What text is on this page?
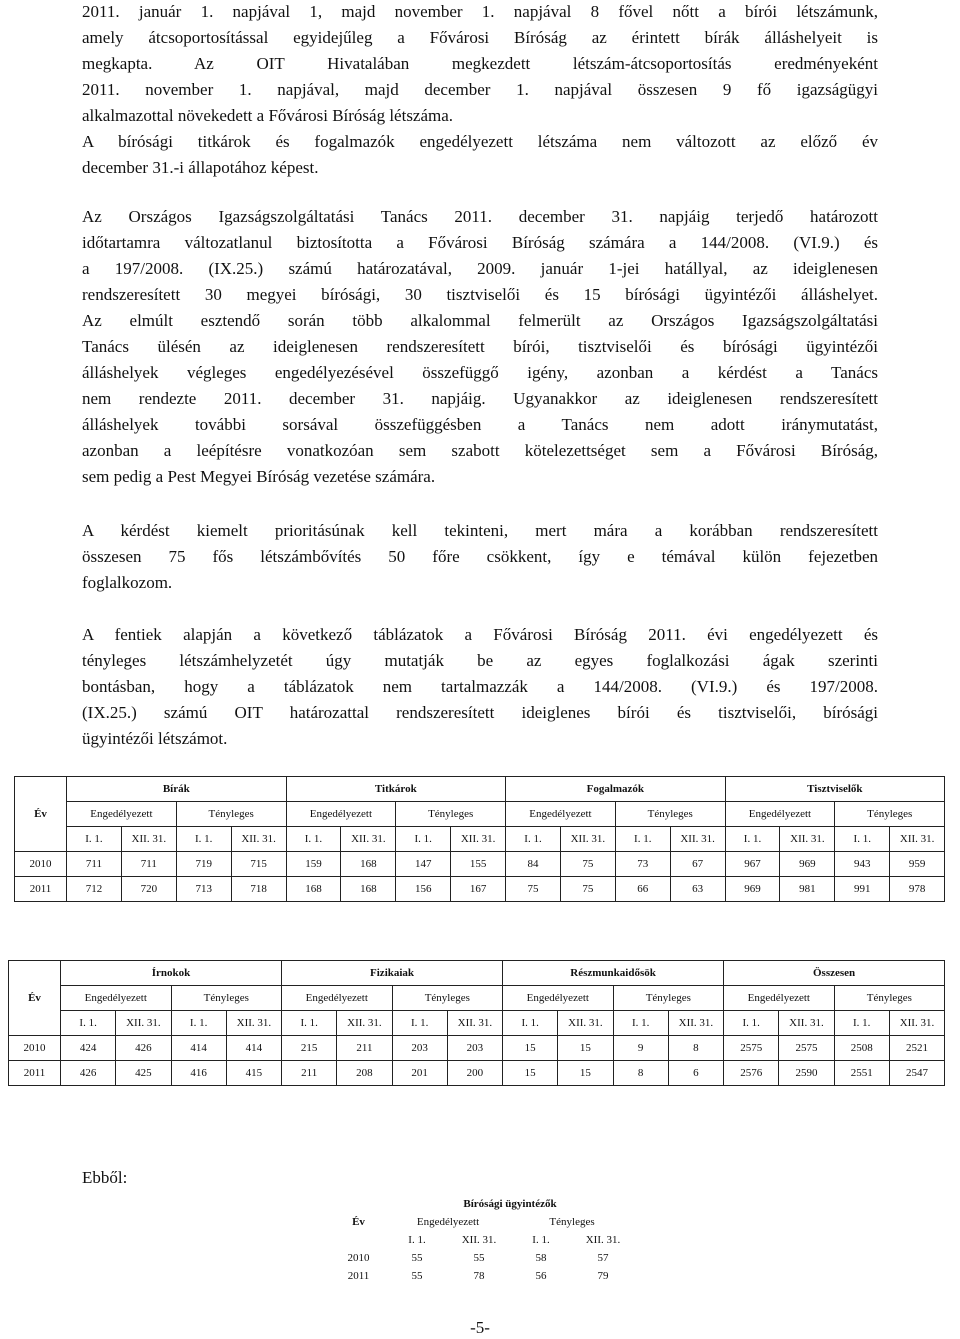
2011. január 1. napjával 1, majd november 1. napjával 8 fővel nőtt a bírói létszámunk,
amely átcsoportosítással egyidejűleg a Fővárosi Bíróság az érintett bírák álláshelyeit is
megkapta. Az OIT Hivatalában megkezdett létszám-átcsoportosítás eredményeként
2011. november 1. napjával, majd december 1. napjával összesen 9 fő igazságügyi
alkalmazottal növekedett a Fővárosi Bíróság létszáma.
A bírósági titkárok és fogalmazók engedélyezett létszáma nem változott az előző év
december 31.-i állapotához képest.
Az Országos Igazságszolgáltatási Tanács 2011. december 31. napjáig terjedő határozott
időtartamra változatlanul biztosította a Fővárosi Bíróság számára a 144/2008. (VI.9.) és
a 197/2008. (IX.25.) számú határozatával, 2009. január 1-jei hatállyal, az ideiglenesen
rendszeresített 30 megyei bírósági, 30 tisztviselői és 15 bírósági ügyintézői álláshelyet.
Az elmúlt esztendő során több alkalommal felmerült az Országos Igazságszolgáltatási
Tanács ülésén az ideiglenesen rendszeresített bírói, tisztviselői és bírósági ügyintézői
álláshelyek végleges engedélyezésével összefüggő igény, azonban a kérdést a Tanács
nem rendezte 2011. december 31. napjáig. Ugyanakkor az ideiglenesen rendszeresített
álláshelyek további sorsával összefüggésben a Tanács nem adott iránymutatást,
azonban a leépítésre vonatkozóan sem szabott kötelezettséget sem a Fővárosi Bíróság,
sem pedig a Pest Megyei Bíróság vezetése számára.
A kérdést kiemelt prioritásúnak kell tekinteni, mert mára a korábban rendszeresített
összesen 75 fős létszámbővítés 50 főre csökkent, így e témával külön fejezetben
foglalkozom.
A fentiek alapján a következő táblázatok a Fővárosi Bíróság 2011. évi engedélyezett és
tényleges létszámhelyzetét úgy mutatják be az egyes foglalkozási ágak szerinti
bontásban, hogy a táblázatok nem tartalmazzák a 144/2008. (VI.9.) és 197/2008.
(IX.25.) számú OIT határozattal rendszeresített ideiglenes bírói és tisztviselői, bírósági
ügyintézői létszámot.
Év	Bírák				Titkárok				Fogalmazók				Tisztviselők			
	Engedélyezett		Tényleges		Engedélyezett		Tényleges		Engedélyezett		Tényleges		Engedélyezett		Tényleges	
	I. 1.	XII. 31.	I. 1.	XII. 31.	I. 1.	XII. 31.	I. 1.	XII. 31.	I. 1.	XII. 31.	I. 1.	XII. 31.	I. 1.	XII. 31.	I. 1.	XII. 31.
2010	711	711	719	715	159	168	147	155	84	75	73	67	967	969	943	959
2011	712	720	713	718	168	168	156	167	75	75	66	63	969	981	991	978
Év	Írnokok				Fizikaiak				Részmunkaidősök				Összesen			
	Engedélyezett		Tényleges		Engedélyezett		Tényleges		Engedélyezett		Tényleges		Engedélyezett		Tényleges	
	I. 1.	XII. 31.	I. 1.	XII. 31.	I. 1.	XII. 31.	I. 1.	XII. 31.	I. 1.	XII. 31.	I. 1.	XII. 31.	I. 1.	XII. 31.	I. 1.	XII. 31.
2010	424	426	414	414	215	211	203	203	15	15	9	8	2575	2575	2508	2521
2011	426	425	416	415	211	208	201	200	15	15	8	6	2576	2590	2551	2547
Ebből:
Év	Bírósági ügyintézők			
	Engedélyezett		Tényleges	
	I. 1.	XII. 31.	I. 1.	XII. 31.
2010	55	55	58	57
2011	55	78	56	79
-5-
